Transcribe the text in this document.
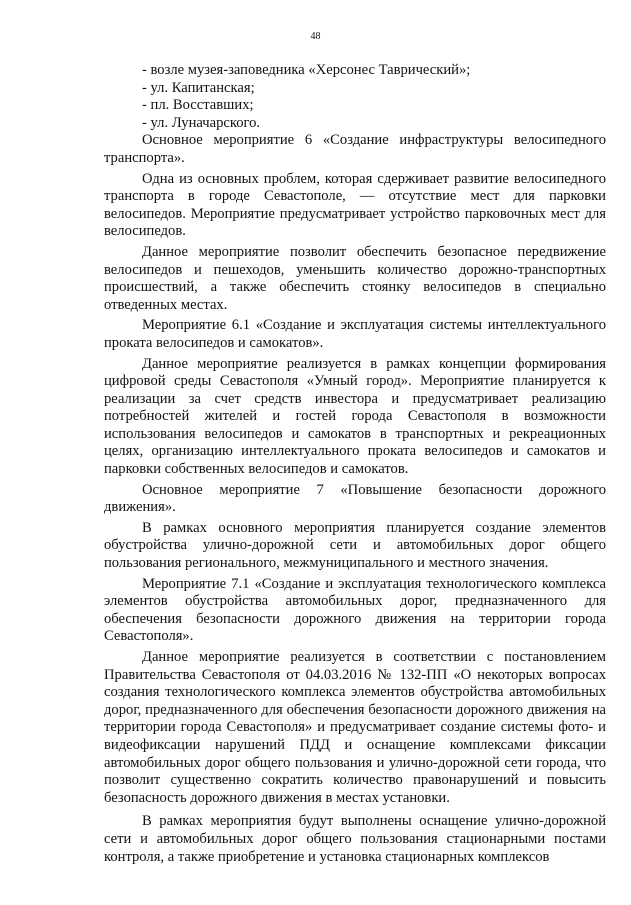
48

- возле музея-заповедника «Херсонес Таврический»;

- ул. Капитанская;

- пл. Восставших;

- ул. Луначарского.

Основное мероприятие 6 «Создание инфраструктуры велосипедного транспорта».

Одна из основных проблем, которая сдерживает развитие велосипедного транспорта в городе Севастополе, — отсутствие мест для парковки велосипедов. Мероприятие предусматривает устройство парковочных мест для велосипедов.

Данное мероприятие позволит обеспечить безопасное передвижение велосипедов и пешеходов, уменьшить количество дорожно-транспортных происшествий, а также обеспечить стоянку велосипедов в специально отведенных местах.

Мероприятие 6.1 «Создание и эксплуатация системы интеллектуального проката велосипедов и самокатов».

Данное мероприятие реализуется в рамках концепции формирования цифровой среды Севастополя «Умный город». Мероприятие планируется к реализации за счет средств инвестора и предусматривает реализацию потребностей жителей и гостей города Севастополя в возможности использования велосипедов и самокатов в транспортных и рекреационных целях, организацию интеллектуального проката велосипедов и самокатов и парковки собственных велосипедов и самокатов.

Основное мероприятие 7 «Повышение безопасности дорожного движения».

В рамках основного мероприятия планируется создание элементов обустройства улично-дорожной сети и автомобильных дорог общего пользования регионального, межмуниципального и местного значения.

Мероприятие 7.1 «Создание и эксплуатация технологического комплекса элементов обустройства автомобильных дорог, предназначенного для обеспечения безопасности дорожного движения на территории города Севастополя».

Данное мероприятие реализуется в соответствии с постановлением Правительства Севастополя от 04.03.2016 № 132-ПП «О некоторых вопросах создания технологического комплекса элементов обустройства автомобильных дорог, предназначенного для обеспечения безопасности дорожного движения на территории города Севастополя» и предусматривает создание системы фото- и видеофиксации нарушений ПДД и оснащение комплексами фиксации автомобильных дорог общего пользования и улично-дорожной сети города, что позволит существенно сократить количество правонарушений и повысить безопасность дорожного движения в местах установки.

В рамках мероприятия будут выполнены оснащение улично-дорожной сети и автомобильных дорог общего пользования стационарными постами контроля, а также приобретение и установка стационарных комплексов
